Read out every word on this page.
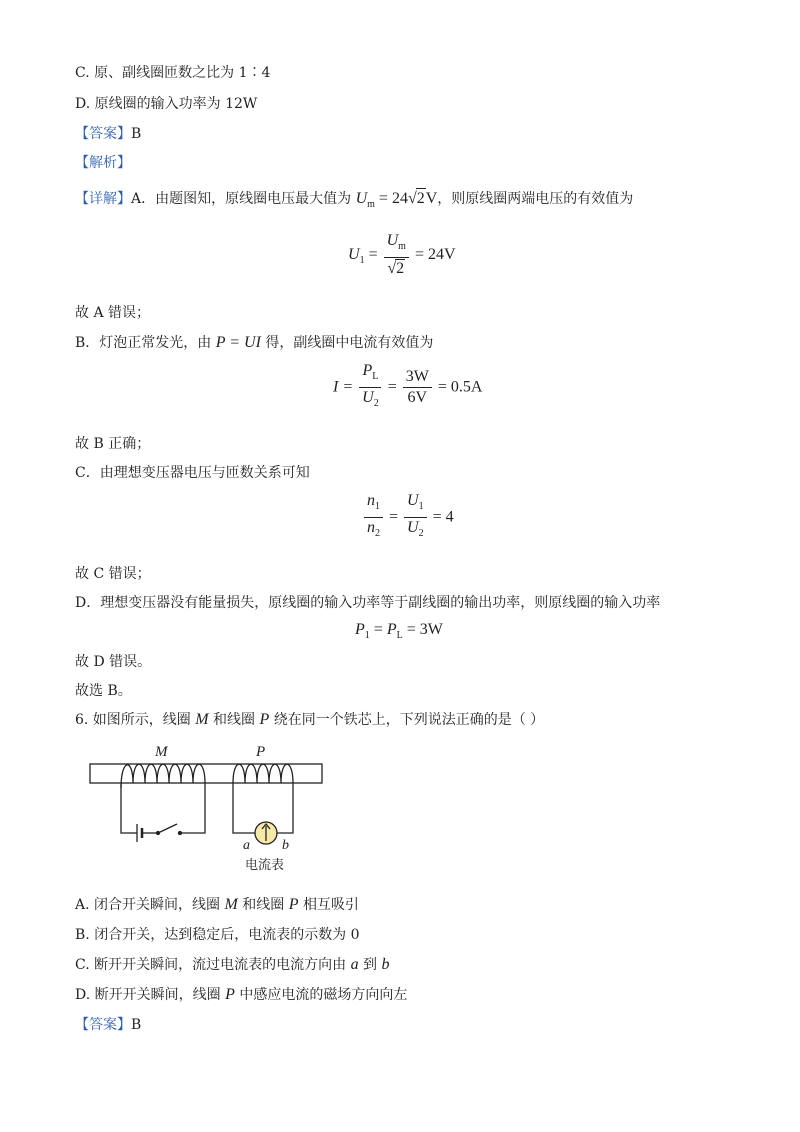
C. 原、副线圈匝数之比为 1∶4
D. 原线圈的输入功率为 12W
【答案】B
【解析】
【详解】A．由题图知，原线圈电压最大值为 $U_m = 24√2V$，则原线圈两端电压的有效值为
$U_1 = \frac{U_m}{√2} = 24V$
故 A 错误；
B．灯泡正常发光，由 P = UI 得，副线圈中电流有效值为
$I = \frac{P_L}{U_2} = \frac{3W}{6V} = 0.5A$
故 B 正确；
C．由理想变压器电压与匝数关系可知
$\frac{n_1}{n_2} = \frac{U_1}{U_2} = 4$
故 C 错误；
D．理想变压器没有能量损失，原线圈的输入功率等于副线圈的输出功率，则原线圈的输入功率
$P_1 = P_L = 3W$
故 D 错误。
故选 B。
6. 如图所示，线圈 M 和线圈 P 绕在同一个铁芯上，下列说法正确的是（ ）
M	P
a b
电流表
A. 闭合开关瞬间，线圈 M 和线圈 P 相互吸引
B. 闭合开关，达到稳定后，电流表的示数为 0
C. 断开开关瞬间，流过电流表的电流方向由 a 到 b
D. 断开开关瞬间，线圈 P 中感应电流的磁场方向向左
【答案】B
